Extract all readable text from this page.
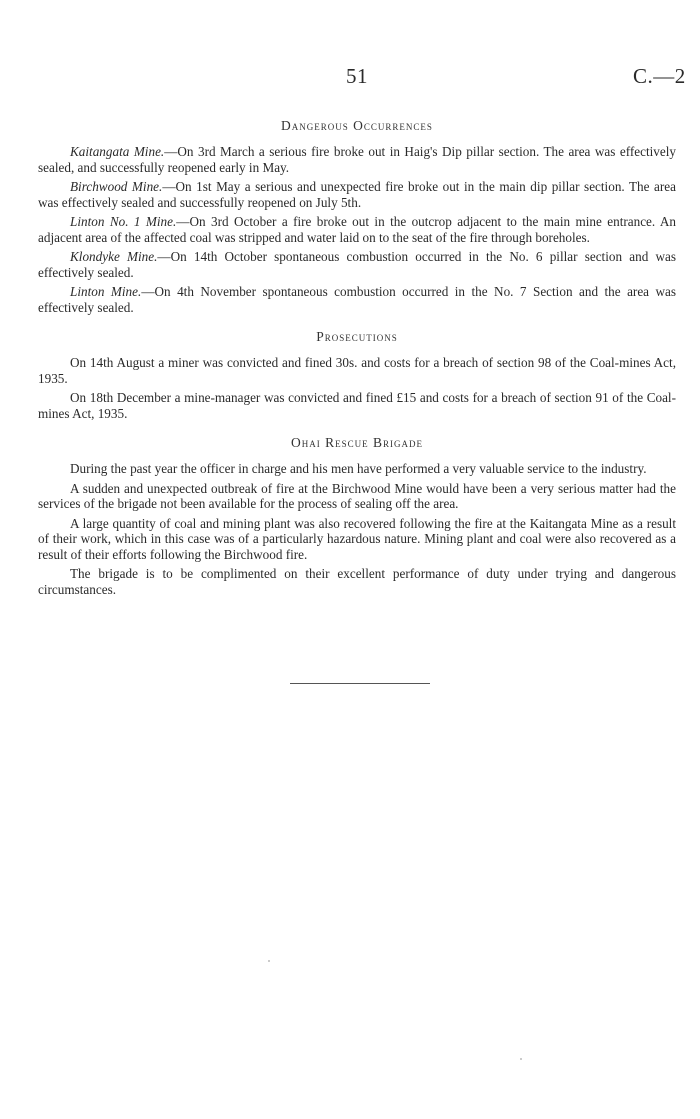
51	C.—2
Dangerous Occurrences

Kaitangata Mine.—On 3rd March a serious fire broke out in Haig's Dip pillar section. The area was effectively sealed, and successfully reopened early in May.

Birchwood Mine.—On 1st May a serious and unexpected fire broke out in the main dip pillar section. The area was effectively sealed and successfully reopened on July 5th.

Linton No. 1 Mine.—On 3rd October a fire broke out in the outcrop adjacent to the main mine entrance. An adjacent area of the affected coal was stripped and water laid on to the seat of the fire through boreholes.

Klondyke Mine.—On 14th October spontaneous combustion occurred in the No. 6 pillar section and was effectively sealed.

Linton Mine.—On 4th November spontaneous combustion occurred in the No. 7 Section and the area was effectively sealed.

Prosecutions

On 14th August a miner was convicted and fined 30s. and costs for a breach of section 98 of the Coal-mines Act, 1935.

On 18th December a mine-manager was convicted and fined £15 and costs for a breach of section 91 of the Coal-mines Act, 1935.

Ohai Rescue Brigade

During the past year the officer in charge and his men have performed a very valuable service to the industry.

A sudden and unexpected outbreak of fire at the Birchwood Mine would have been a very serious matter had the services of the brigade not been available for the process of sealing off the area.

A large quantity of coal and mining plant was also recovered following the fire at the Kaitangata Mine as a result of their work, which in this case was of a particularly hazardous nature. Mining plant and coal were also recovered as a result of their efforts following the Birchwood fire.

The brigade is to be complimented on their excellent performance of duty under trying and dangerous circumstances.
